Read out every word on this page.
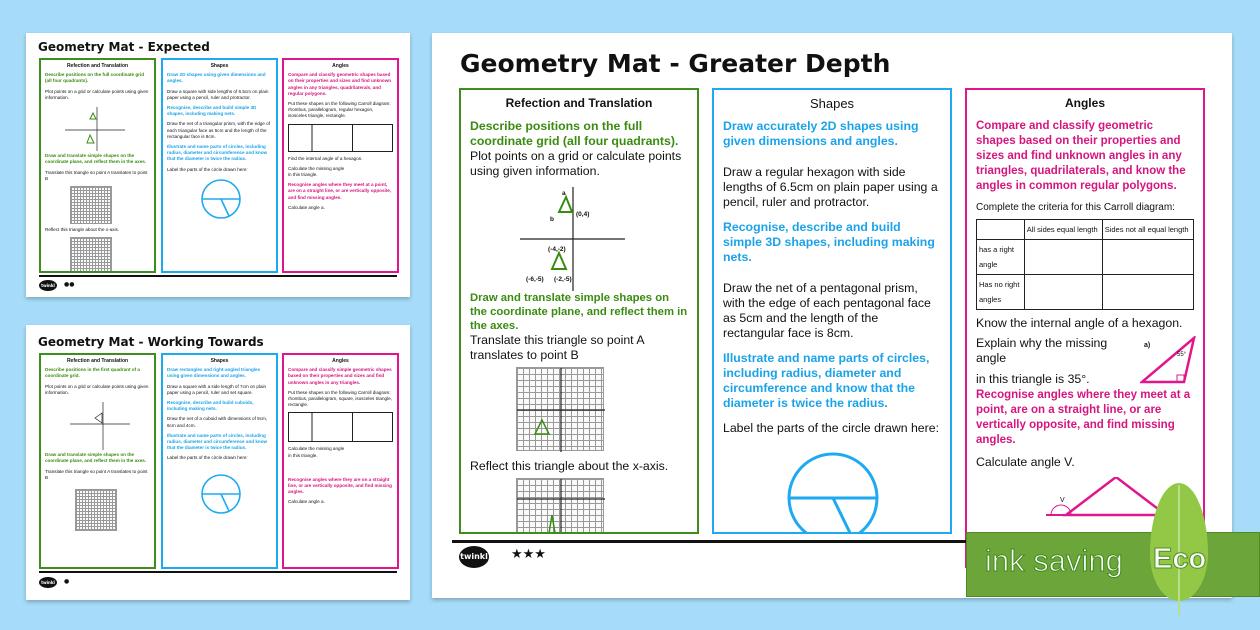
Geometry Mat - Expected
Refection and Translation

Describe positions on the full coordinate grid (all four quadrants).

Plot points on a grid or calculate points using given information.

Draw and translate simple shapes on the coordinate plane, and reflect them in the axes.

Translate this triangle so point A translates to point B

Reflect this triangle about the x-axis.

Shapes

Draw 2D shapes using given dimensions and angles.

Draw a square with side lengths of 6.5cm on plain paper using a pencil, ruler and protractor.

Recognise, describe and build simple 3D shapes, including making nets.

Draw the net of a triangular prism, with the edge of each triangular face as 5cm and the length of the rectangular face is 8cm.

Illustrate and name parts of circles, including radius, diameter and circumference and know that the diameter is twice the radius.

Label the parts of the circle drawn here:

Angles

Compare and classify geometric shapes based on their properties and sizes and find unknown angles in any triangles, quadrilaterals, and regular polygons.

Put these shapes on the following Carroll diagram: rhombus, parallelogram, regular hexagon, isosceles triangle, rectangle.

Find the internal angle of a hexagon.

Calculate the missing angle in this triangle.

Recognise angles where they meet at a point, are on a straight line, or are vertically opposite, and find missing angles.

Calculate angle a.

twinkl	●●
Geometry Mat - Working Towards
Refection and Translation

Describe positions in the first quadrant of a coordinate grid.

Plot points on a grid or calculate points using given information.

Draw and translate simple shapes on the coordinate plane, and reflect them in the axes.

Translate this triangle so point A translates to point B

Shapes

Draw rectangles and right-angled triangles using given dimensions and angles.

Draw a square with a side length of 7cm on plain paper using a pencil, ruler and set square.

Recognise, describe and build cuboids, including making nets.

Draw the net of a cuboid with dimensions of 9cm, 6cm and 4cm.

Illustrate and name parts of circles, including radius, diameter and circumference and know that the diameter is twice the radius.

Label the parts of the circle drawn here:

Angles

Compare and classify simple geometric shapes based on their properties and sizes and find unknown angles in any triangles.

Put these shapes on the following Carroll diagram: rhombus, parallelogram, square, isosceles triangle, rectangle.

Calculate the missing angle in this triangle.

Recognise angles where they are on a straight line, or are vertically opposite, and find missing angles.

Calculate angle a.

twinkl	●
Geometry Mat - Greater Depth
Refection and Translation
Describe positions on the full coordinate grid (all four quadrants).

Plot points on a grid or calculate points using given information.

a
b
(0,4)
(-4,-2)
(-6,-5) (-2,-5)
Draw and translate simple shapes on the coordinate plane, and reflect them in the axes.

Translate this triangle so point A translates to point B

Reflect this triangle about the x-axis.

Shapes

Draw accurately 2D shapes using given dimensions and angles.

Draw a regular hexagon with side lengths of 6.5cm on plain paper using a pencil, ruler and protractor.

Recognise, describe and build simple 3D shapes, including making nets.

Draw the net of a pentagonal prism, with the edge of each pentagonal face as 5cm and the length of the rectangular face is 8cm.

Illustrate and name parts of circles, including radius, diameter and circumference and know that the diameter is twice the radius.

Label the parts of the circle drawn here:

Angles

Compare and classify geometric shapes based on their properties and sizes and find unknown angles in any triangles, quadrilaterals, and know the angles in common regular polygons.

Complete the criteria for this Carroll diagram:
	All sides equal length	Sides not all equal length
has a right angle		
Has no right angles		

Know the internal angle of a hexagon.

Explain why the missing angle
in this triangle is 35°.
a)
55°

Recognise angles where they meet at a point, are on a straight line, or are vertically opposite, and find missing angles.

Calculate angle V.

V
twinkl ★★★	ink saving Eco
